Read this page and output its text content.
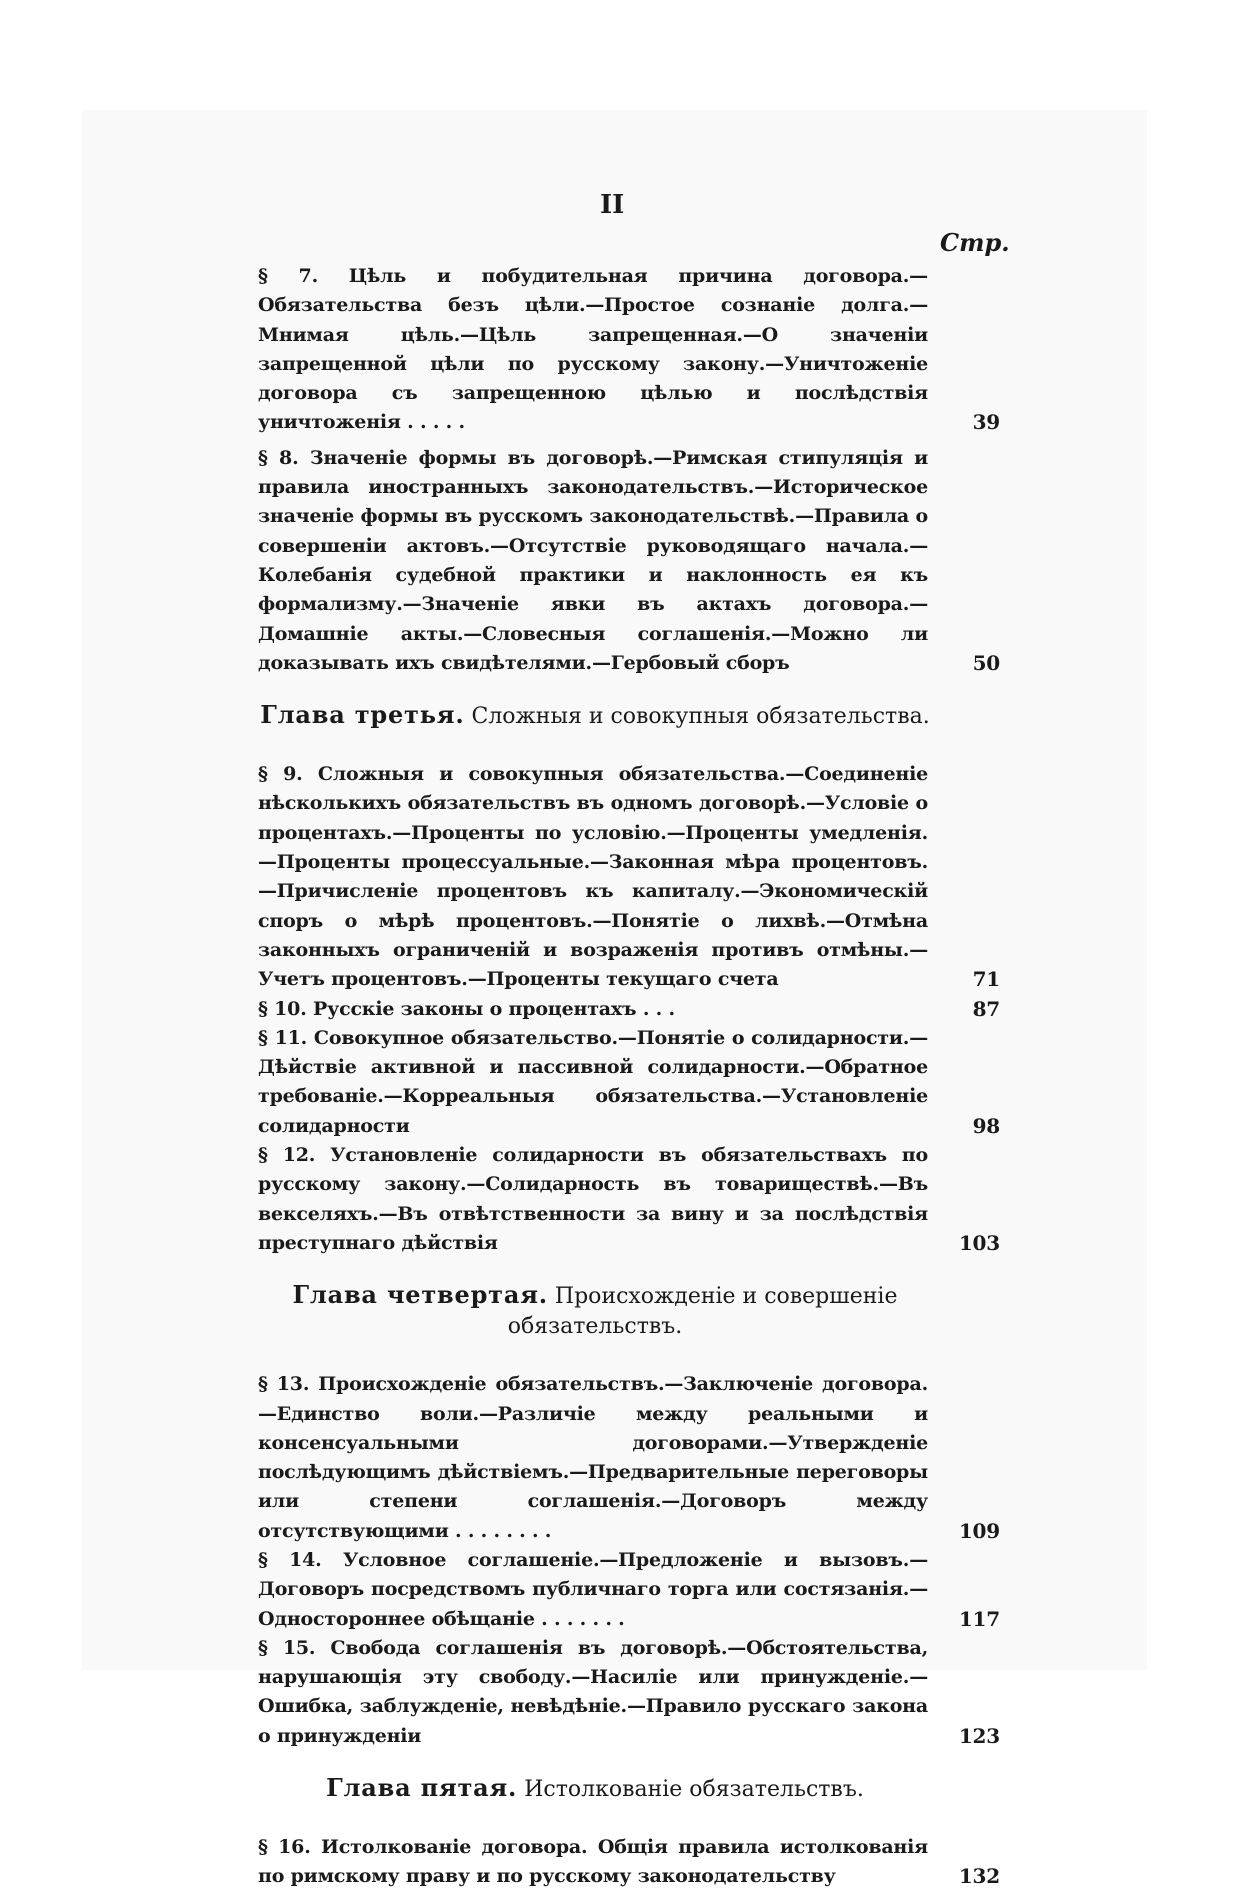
II
Стр.
§ 7. Цѣль и побудительная причина договора.—Обязательства безъ цѣли.—Простое сознаніе долга.—Мнимая цѣль.—Цѣль запрещенная.—О значеніи запрещенной цѣли по русскому закону.—Уничтоженіе договора съ запрещенною цѣлью и послѣдствія уничтоженія . . . . .	39
§ 8. Значеніе формы въ договорѣ.—Римская стипуляція и правила иностранныхъ законодательствъ.—Историческое значеніе формы въ русскомъ законодательствѣ.—Правила о совершеніи актовъ.—Отсутствіе руководящаго начала.—Колебанія судебной практики и наклонность ея къ формализму.—Значеніе явки въ актахъ договора.—Домашніе акты.—Словесныя соглашенія.—Можно ли доказывать ихъ свидѣтелями.—Гербовый сборъ	50
Глава третья. Сложныя и совокупныя обязательства.
§ 9. Сложныя и совокупныя обязательства.—Соединеніе нѣсколькихъ обязательствъ въ одномъ договорѣ.—Условіе о процентахъ.—Проценты по условію.—Проценты умедленія.—Проценты процессуальные.—Законная мѣра процентовъ.—Причисленіе процентовъ къ капиталу.—Экономическій споръ о мѣрѣ процентовъ.—Понятіе о лихвѣ.—Отмѣна законныхъ ограниченій и возраженія противъ отмѣны.—Учетъ процентовъ.—Проценты текущаго счета	71
§ 10. Русскіе законы о процентахъ . . .	87
§ 11. Совокупное обязательство.—Понятіе о солидарности.—Дѣйствіе активной и пассивной солидарности.—Обратное требованіе.—Корреальныя обязательства.—Установленіе солидарности	98
§ 12. Установленіе солидарности въ обязательствахъ по русскому закону.—Солидарность въ товариществѣ.—Въ векселяхъ.—Въ отвѣтственности за вину и за послѣдствія преступнаго дѣйствія	103
Глава четвертая. Происхожденіе и совершеніе обязательствъ.
§ 13. Происхожденіе обязательствъ.—Заключеніе договора.—Единство воли.—Различіе между реальными и консенсуальными договорами.—Утвержденіе послѣдующимъ дѣйствіемъ.—Предварительные переговоры или степени соглашенія.—Договоръ между отсутствующими . . . . . . . .	109
§ 14. Условное соглашеніе.—Предложеніе и вызовъ.—Договоръ посредствомъ публичнаго торга или состязанія.—Одностороннее обѣщаніе . . . . . . .	117
§ 15. Свобода соглашенія въ договорѣ.—Обстоятельства, нарушающія эту свободу.—Насиліе или принужденіе.—Ошибка, заблужденіе, невѣдѣніе.—Правило русскаго закона о принужденіи	123
Глава пятая. Истолкованіе обязательствъ.
§ 16. Истолкованіе договора. Общія правила истолкованія по римскому праву и по русскому законодательству	132
